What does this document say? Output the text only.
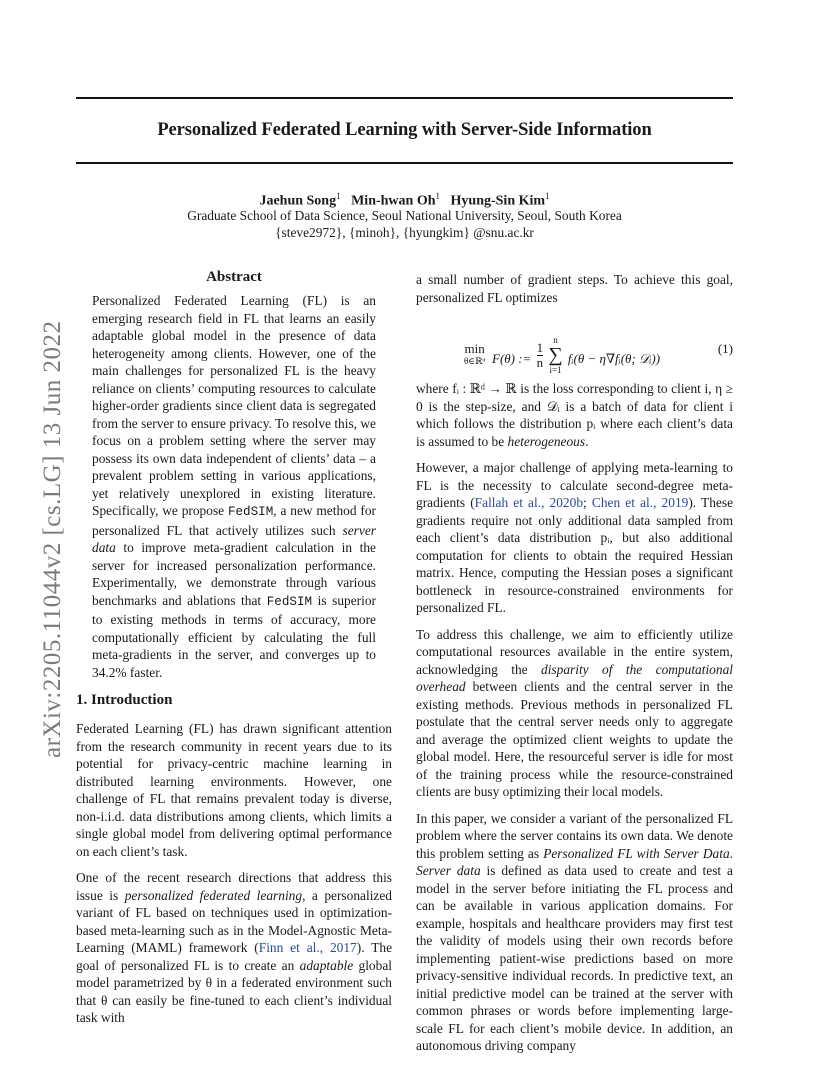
Personalized Federated Learning with Server-Side Information
Jaehun Song$^1$ Min-hwan Oh$^1$ Hyung-Sin Kim$^1$
Graduate School of Data Science, Seoul National University, Seoul, South Korea
{steve2972}, {minoh}, {hyungkim} @snu.ac.kr
arXiv:2205.11044v2 [cs.LG] 13 Jun 2022
Abstract

Personalized Federated Learning (FL) is an emerging research field in FL that learns an easily adaptable global model in the presence of data heterogeneity among clients. However, one of the main challenges for personalized FL is the heavy reliance on clients’ computing resources to calculate higher-order gradients since client data is segregated from the server to ensure privacy. To resolve this, we focus on a problem setting where the server may possess its own data independent of clients’ data – a prevalent problem setting in various applications, yet relatively unexplored in existing literature. Specifically, we propose FedSIM, a new method for personalized FL that actively utilizes such server data to improve meta-gradient calculation in the server for increased personalization performance. Experimentally, we demonstrate through various benchmarks and ablations that FedSIM is superior to existing methods in terms of accuracy, more computationally efficient by calculating the full meta-gradients in the server, and converges up to 34.2% faster.

1. Introduction

Federated Learning (FL) has drawn significant attention from the research community in recent years due to its potential for privacy-centric machine learning in distributed learning environments. However, one challenge of FL that remains prevalent today is diverse, non-i.i.d. data distributions among clients, which limits a single global model from delivering optimal performance on each client’s task.

One of the recent research directions that address this issue is personalized federated learning, a personalized variant of FL based on techniques used in optimization-based meta-learning such as in the Model-Agnostic Meta-Learning (MAML) framework (Finn et al., 2017). The goal of personalized FL is to create an adaptable global model parametrized by θ in a federated environment such that θ can easily be fine-tuned to each client’s individual task with

a small number of gradient steps. To achieve this goal, personalized FL optimizes

min
θ∈ℝᵈ F(θ) := $\frac{1}{n}$

n
∑
i=1
fᵢ(θ − η∇fᵢ(θ; 𝒟ᵢ))
(1)

where fᵢ : ℝᵈ → ℝ is the loss corresponding to client i, η ≥ 0 is the step-size, and 𝒟ᵢ is a batch of data for client i which follows the distribution pᵢ where each client’s data is assumed to be heterogeneous.

However, a major challenge of applying meta-learning to FL is the necessity to calculate second-degree meta-gradients (Fallah et al., 2020b; Chen et al., 2019). These gradients require not only additional data sampled from each client’s data distribution pᵢ, but also additional computation for clients to obtain the required Hessian matrix. Hence, computing the Hessian poses a significant bottleneck in resource-constrained environments for personalized FL.

To address this challenge, we aim to efficiently utilize computational resources available in the entire system, acknowledging the disparity of the computational overhead between clients and the central server in the existing methods. Previous methods in personalized FL postulate that the central server needs only to aggregate and average the optimized client weights to update the global model. Here, the resourceful server is idle for most of the training process while the resource-constrained clients are busy optimizing their local models.

In this paper, we consider a variant of the personalized FL problem where the server contains its own data. We denote this problem setting as Personalized FL with Server Data. Server data is defined as data used to create and test a model in the server before initiating the FL process and can be available in various application domains. For example, hospitals and healthcare providers may first test the validity of models using their own records before implementing patient-wise predictions based on more privacy-sensitive individual records. In predictive text, an initial predictive model can be trained at the server with common phrases or words before implementing large-scale FL for each client’s mobile device. In addition, an autonomous driving company
